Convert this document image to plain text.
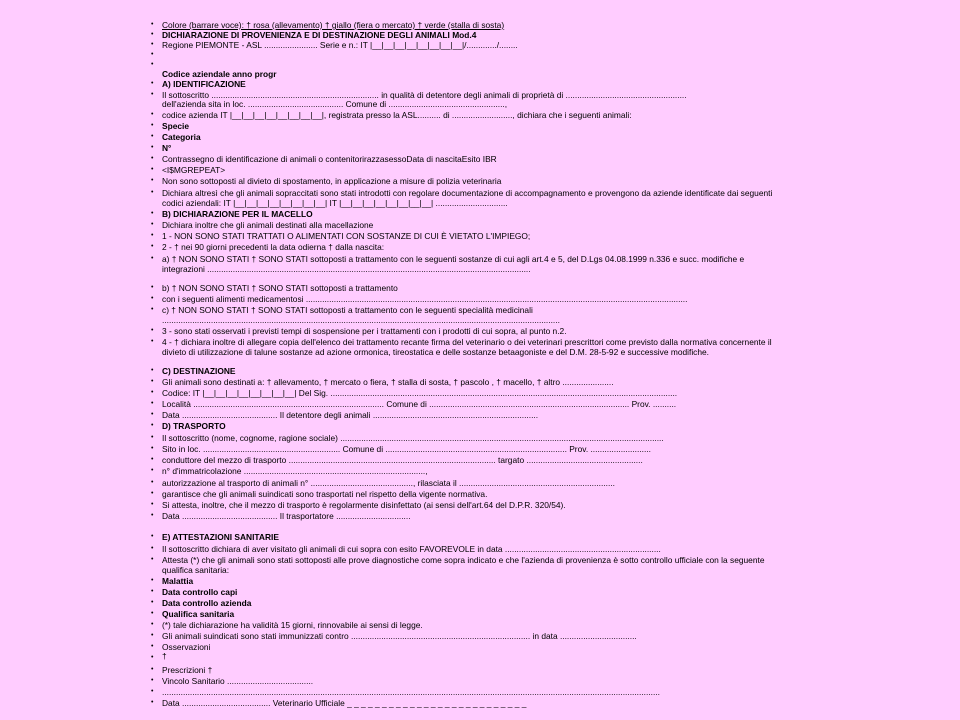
•	Colore (barrare voce): † rosa (allevamento) † giallo (fiera o mercato) † verde (stalla di sosta)
•	DICHIARAZIONE DI PROVENIENZA E DI DESTINAZIONE DEGLI ANIMALI Mod.4
•	Regione PIEMONTE - ASL ....................... Serie e n.: IT |__|__|__|__|__|__|__|__|/............./........
•
•
Codice aziendale anno progr
•	A) IDENTIFICAZIONE
•	Il sottoscritto ........................................................................ in qualità di detentore degli animali di proprietà di ....................................................
dell'azienda sita in loc. ......................................... Comune di ..................................................,
•	codice azienda IT |__|__|__|__|__|__|__|__|, registrata presso la ASL.......... di .........................., dichiara che i seguenti animali:
•	Specie
•	Categoria
•	N°
•	Contrassegno di identificazione di animali o contenitorirazzasessoData di nascitaEsito IBR
•	<I$MGREPEAT>
•	Non sono sottoposti al divieto di spostamento, in applicazione a misure di polizia veterinaria
•	Dichiara altresì che gli animali sopraccitati sono stati introdotti con regolare documentazione di accompagnamento e provengono da aziende identificate dai seguenti codici aziendali: IT |__|__|__|__|__|__|__|__| IT |__|__|__|__|__|__|__|__| ...............................
•	B) DICHIARAZIONE PER IL MACELLO
•	Dichiara inoltre che gli animali destinati alla macellazione
•	1 - NON SONO STATI TRATTATI O ALIMENTATI CON SOSTANZE DI CUI È VIETATO L'IMPIEGO;
•	2 - † nei 90 giorni precedenti la data odierna † dalla nascita:
•	a) † NON SONO STATI † SONO STATI sottoposti a trattamento con le seguenti sostanze di cui agli art.4 e 5, del D.Lgs 04.08.1999 n.336 e succ. modifiche e integrazioni ...........................................................................................................................................
•	b) † NON SONO STATI † SONO STATI sottoposti a trattamento
•	con i seguenti alimenti medicamentosi ....................................................................................................................................................................
•	c) † NON SONO STATI † SONO STATI sottoposti a trattamento con le seguenti specialità medicinali ...........................................................................................................................................................................
•	3 - sono stati osservati i previsti tempi di sospensione per i trattamenti con i prodotti di cui sopra, al punto n.2.
•	4 - † dichiara inoltre di allegare copia dell'elenco dei trattamento recante firma del veterinario o dei veterinari prescrittori come previsto dalla normativa concernente il divieto di utilizzazione di talune sostanze ad azione ormonica, tireostatica e delle sostanze betaagoniste e del D.M. 28-5-92 e successive modifiche.
•	C) DESTINAZIONE
•	Gli animali sono destinati a: † allevamento, † mercato o fiera, † stalla di sosta, † pascolo , † macello, † altro ......................
•	Codice: IT |__|__|__|__|__|__|__|__| Del Sig. .....................................................................................................................................................
•	Località .................................................................................. Comune di ...................................................................................... Prov. ..........
•	Data ......................................... Il detentore degli animali .......................................................................
•	D) TRASPORTO
•	Il sottoscritto (nome, cognome, ragione sociale) ...........................................................................................................................................
•	Sito in loc. ........................................................... Comune di .............................................................................. Prov. ..........................
•	conduttore del mezzo di trasporto ......................................................................................... targato ..................................................
•	n° d'immatricolazione ..............................................................................,
•	autorizzazione al trasporto di animali n° ............................................, rilasciata il ...................................................................
•	garantisce che gli animali suindicati sono trasportati nel rispetto della vigente normativa.
•	Si attesta, inoltre, che il mezzo di trasporto è regolarmente disinfettato (ai sensi dell'art.64 del D.P.R. 320/54).
•	Data ......................................... Il trasportatore ................................
•	E) ATTESTAZIONI SANITARIE
•	Il sottoscritto dichiara di aver visitato gli animali di cui sopra con esito FAVOREVOLE in data ...................................................................
•	Attesta (*) che gli animali sono stati sottoposti alle prove diagnostiche come sopra indicato e che l'azienda di provenienza è sotto controllo ufficiale con la seguente qualifica sanitaria:
•	Malattia
•	Data controllo capi
•	Data controllo azienda
•	Qualifica sanitaria
•	(*) tale dichiarazione ha validità 15 giorni, rinnovabile ai sensi di legge.
•	Gli animali suindicati sono stati immunizzati contro ............................................................................. in data .................................
•	Osservazioni
•	†
•	Prescrizioni †
•	Vincolo Sanitario .....................................
•	......................................................................................................................................................................................................................
•	Data ...................................... Veterinario Ufficiale _ _ _ _ _ _ _ _ _ _ _ _ _ _ _ _ _ _ _ _ _ _ _ _ _ _
